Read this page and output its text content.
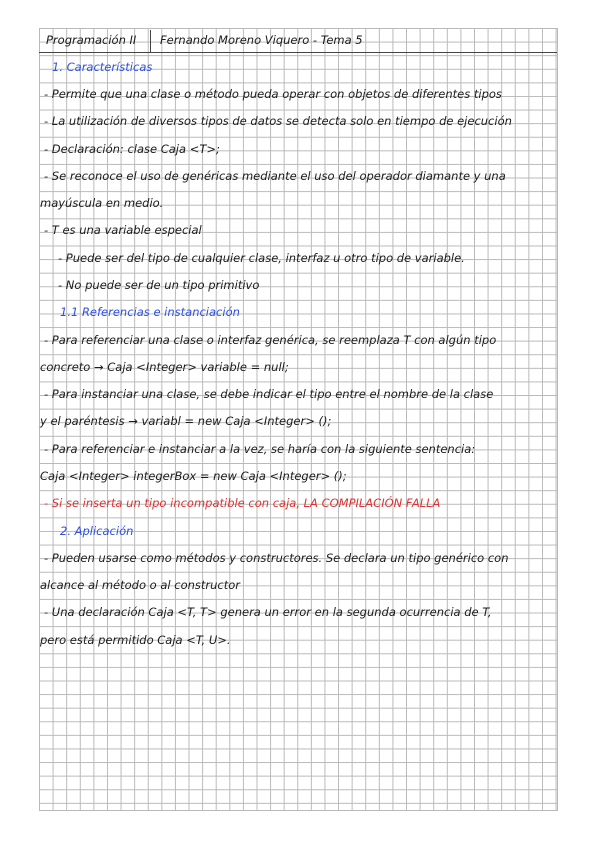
Programación II Fernando Moreno Viquero - Tema 5
1. Características
- Permite que una clase o método pueda operar con objetos de diferentes tipos
- La utilización de diversos tipos de datos se detecta solo en tiempo de ejecución
- Declaración: clase Caja <T>;
- Se reconoce el uso de genéricas mediante el uso del operador diamante y una
mayúscula en medio.
- T es una variable especial
- Puede ser del tipo de cualquier clase, interfaz u otro tipo de variable.
- No puede ser de un tipo primitivo
1.1 Referencias e instanciación
- Para referenciar una clase o interfaz genérica, se reemplaza T con algún tipo
concreto → Caja <Integer> variable = null;
- Para instanciar una clase, se debe indicar el tipo entre el nombre de la clase
y el paréntesis → variabl = new Caja <Integer> ();
- Para referenciar e instanciar a la vez, se haría con la siguiente sentencia:
Caja <Integer> integerBox = new Caja <Integer> ();
- Si se inserta un tipo incompatible con caja, LA COMPILACIÓN FALLA
2. Aplicación
- Pueden usarse como métodos y constructores. Se declara un tipo genérico con
alcance al método o al constructor
- Una declaración Caja <T, T> genera un error en la segunda ocurrencia de T,
pero está permitido Caja <T, U>.
